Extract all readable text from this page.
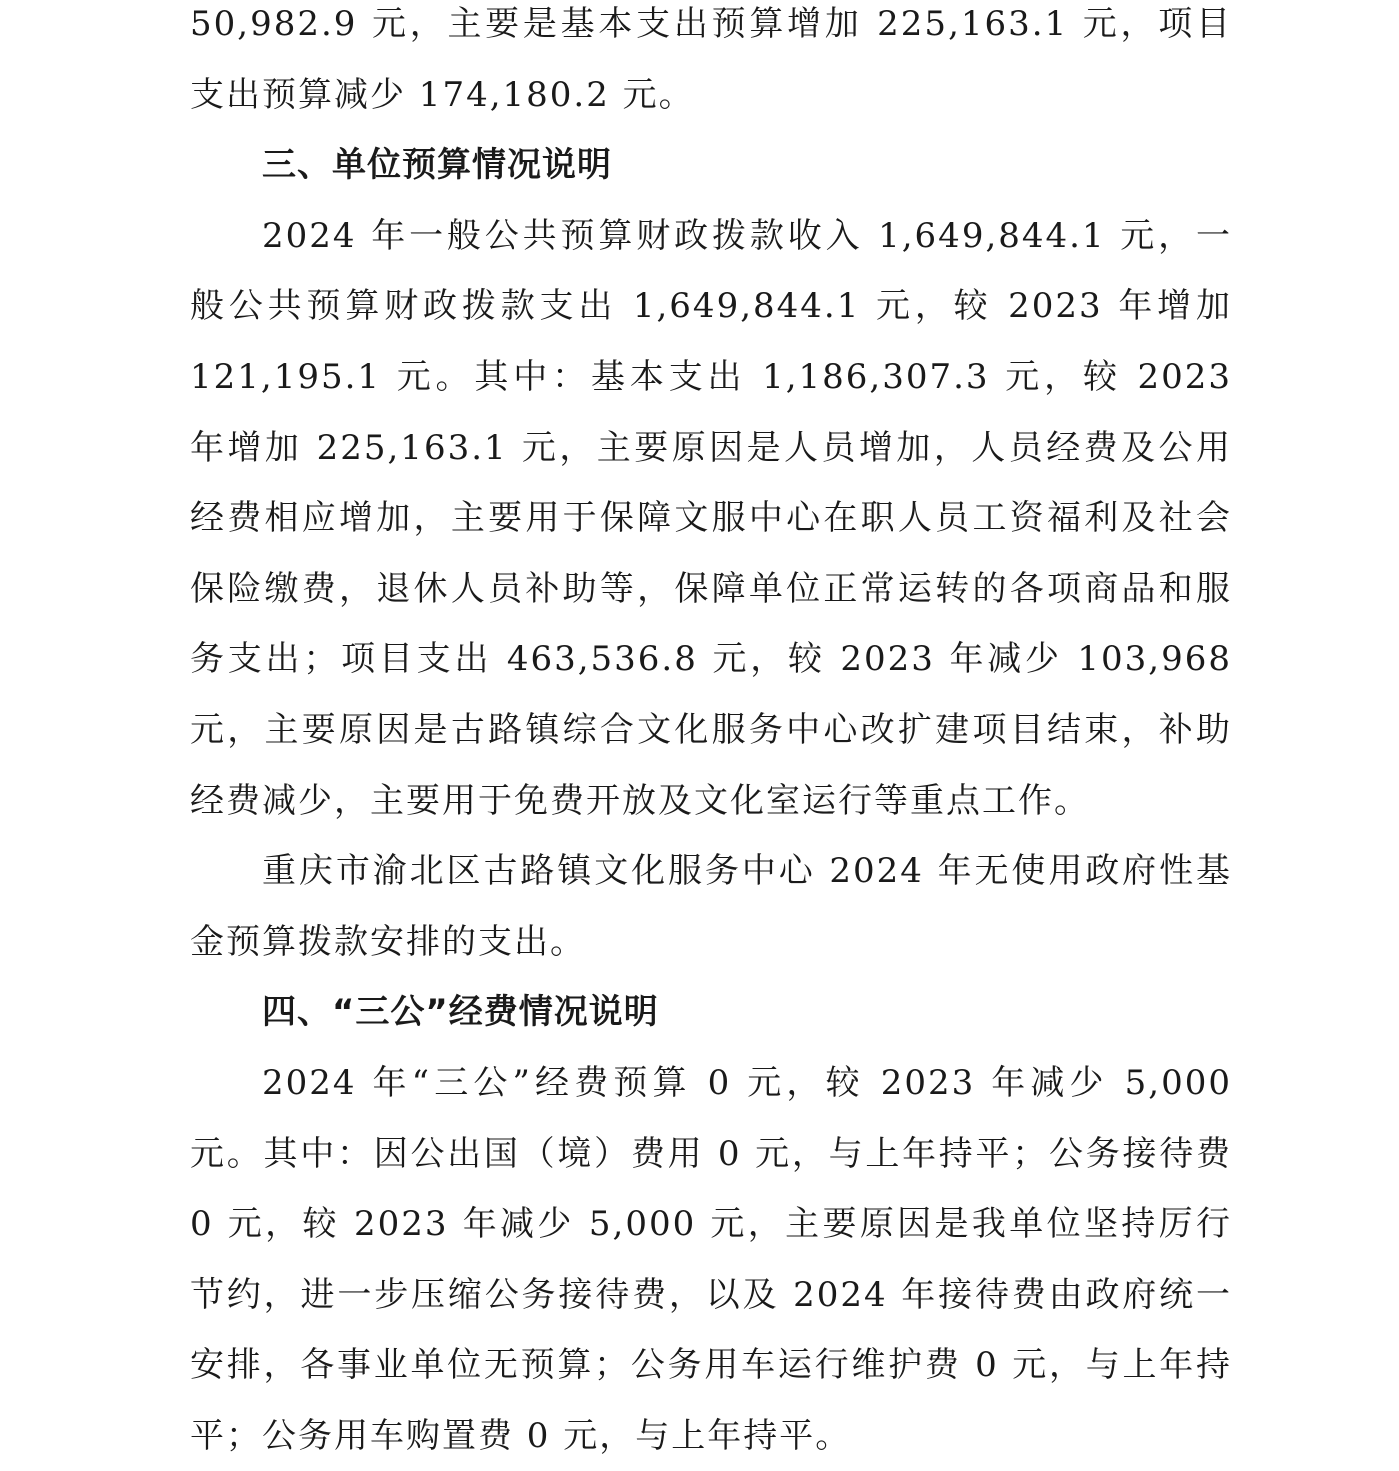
50,982.9 元，主要是基本支出预算增加 225,163.1 元，项目支出预算减少 174,180.2 元。

三、单位预算情况说明

2024 年一般公共预算财政拨款收入 1,649,844.1 元，一般公共预算财政拨款支出 1,649,844.1 元，较 2023 年增加 121,195.1 元。其中：基本支出 1,186,307.3 元，较 2023 年增加 225,163.1 元，主要原因是人员增加，人员经费及公用经费相应增加，主要用于保障文服中心在职人员工资福利及社会保险缴费，退休人员补助等，保障单位正常运转的各项商品和服务支出；项目支出 463,536.8 元，较 2023 年减少 103,968 元，主要原因是古路镇综合文化服务中心改扩建项目结束，补助经费减少，主要用于免费开放及文化室运行等重点工作。

重庆市渝北区古路镇文化服务中心 2024 年无使用政府性基金预算拨款安排的支出。

四、“三公”经费情况说明

2024 年“三公”经费预算 0 元，较 2023 年减少 5,000 元。其中：因公出国（境）费用 0 元，与上年持平；公务接待费 0 元，较 2023 年减少 5,000 元，主要原因是我单位坚持厉行节约，进一步压缩公务接待费，以及 2024 年接待费由政府统一安排，各事业单位无预算；公务用车运行维护费 0 元，与上年持平；公务用车购置费 0 元，与上年持平。
